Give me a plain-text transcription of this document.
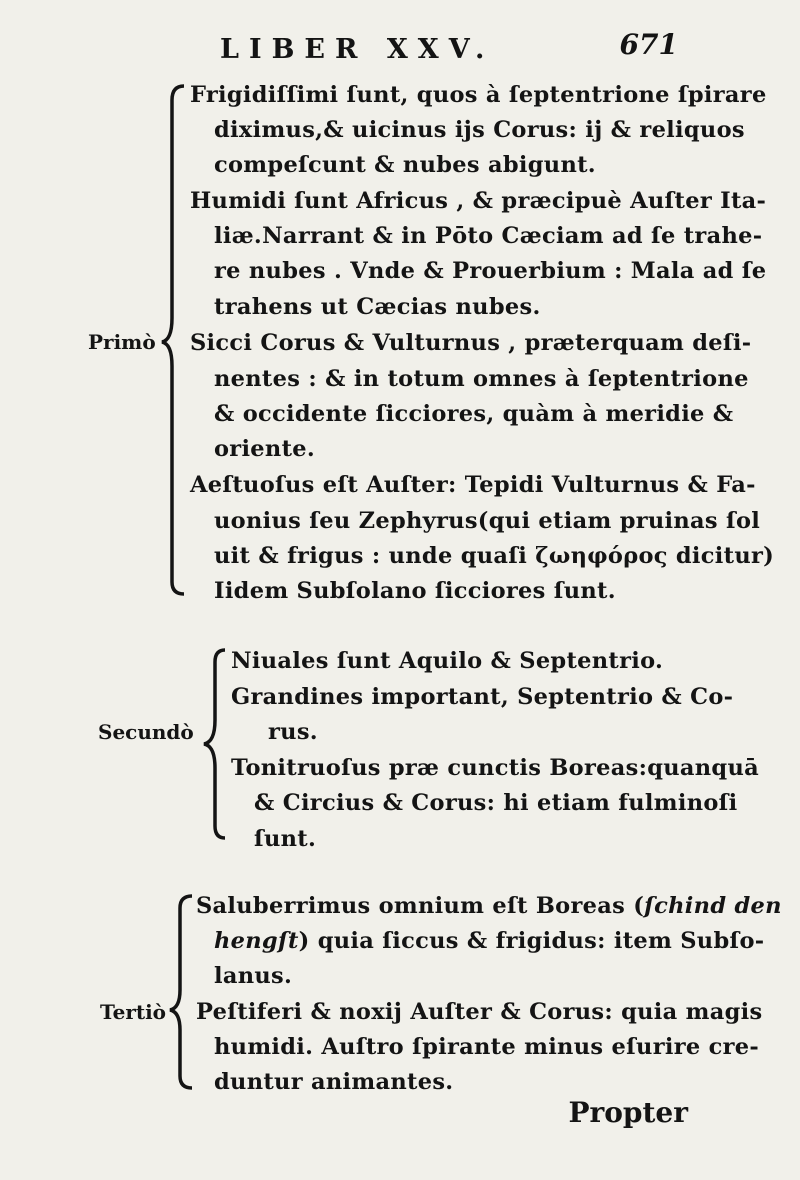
LIBER XXV.	671
Primò
Frigidiſſimi ſunt, quos à ſeptentrione ſpirare
diximus,& uicinus iјs Corus: iј & reliquos
compeſcunt & nubes abigunt.
Humidi ſunt Africus , & præcipuè Auſter Ita-
liæ.Narrant & in Pōto Cæciam ad ſe trahe-
re nubes . Vnde & Prouerbium : Mala ad ſe
trahens ut Cæcias nubes.
Sicci Corus & Vulturnus , præterquam deſi-
nentes : & in totum omnes à ſeptentrione
& occidente ſicciores, quàm à meridie &
oriente.
Aeſtuoſus eſt Auſter: Tepidi Vulturnus & Fa-
uonius ſeu Zephyrus(qui etiam pruinas ſol
uit & frigus : unde quaſi ζωηφόρος dicitur)
Iidem Subſolano ſicciores ſunt.
Secundò
Niuales ſunt Aquilo & Septentrio.
Grandines important, Septentrio & Co-
rus.
Tonitruoſus præ cunctis Boreas:quanquā
& Circius & Corus: hi etiam fulminoſi
ſunt.
Tertiò
Saluberrimus omnium eſt Boreas (ſchind den
hengſt) quia ſiccus & frigidus: item Subſo-
lanus.
Peſtiferi & noxiј Auſter & Corus: quia magis
humidi. Auſtro ſpirante minus eſurire cre-
duntur animantes.
Propter
